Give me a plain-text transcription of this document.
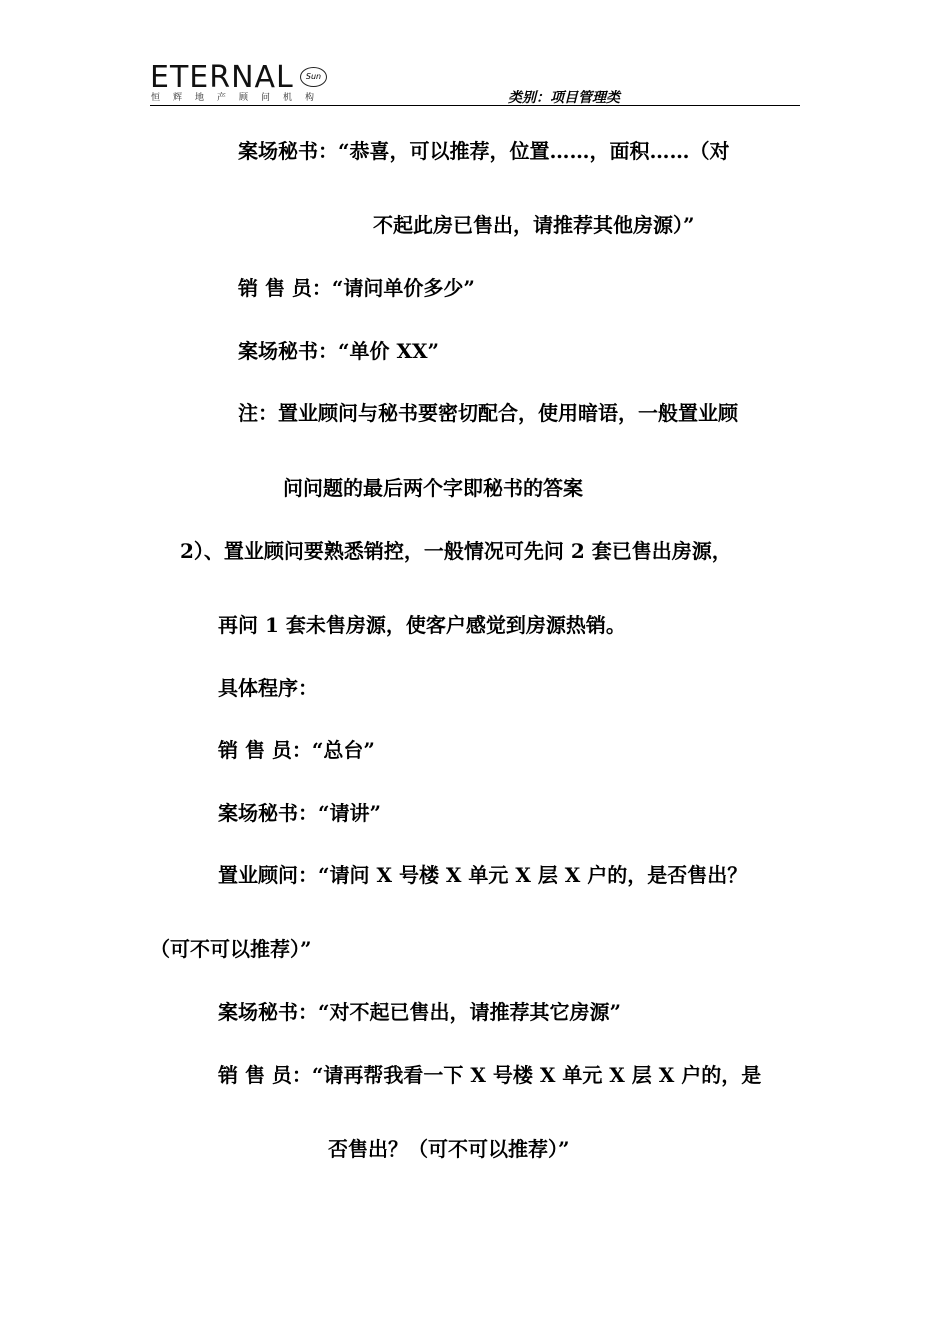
ETERNAL	Sun
恒辉地产顾问机构	类别：项目管理类
案场秘书：“恭喜，可以推荐，位置……，面积……（对
不起此房已售出，请推荐其他房源）”
销 售 员：“请问单价多少”
案场秘书：“单价 XX”
注：置业顾问与秘书要密切配合，使用暗语，一般置业顾
问问题的最后两个字即秘书的答案
2）、置业顾问要熟悉销控，一般情况可先问 2 套已售出房源，
再问 1 套未售房源，使客户感觉到房源热销。
具体程序：
销 售 员：“总台”
案场秘书：“请讲”
置业顾问：“请问 X 号楼 X 单元 X 层 X 户的，是否售出？
（可不可以推荐）”
案场秘书：“对不起已售出，请推荐其它房源”
销 售 员：“请再帮我看一下 X 号楼 X 单元 X 层 X 户的，是
否售出？（可不可以推荐）”
